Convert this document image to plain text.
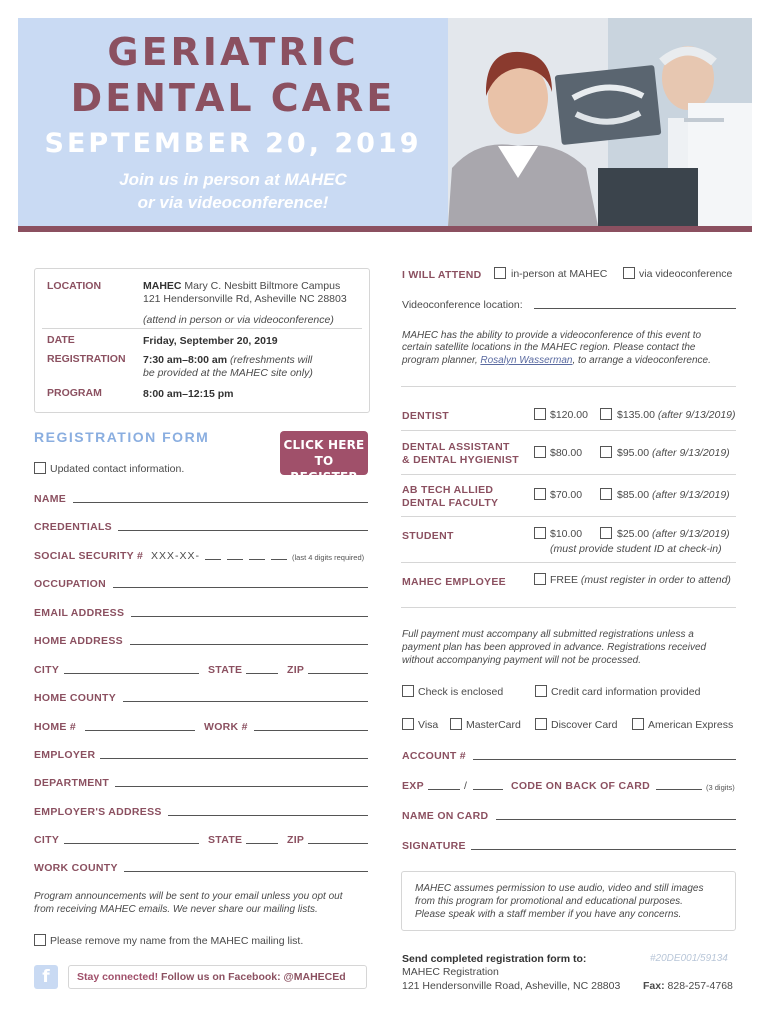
GERIATRIC
DENTAL CARE
SEPTEMBER 20, 2019
Join us in person at MAHEC
or via videoconference!
LOCATION	MAHEC Mary C. Nesbitt Biltmore Campus
121 Hendersonville Rd, Asheville NC 28803
(attend in person or via videoconference)
DATE	Friday, September 20, 2019
REGISTRATION 7:30 am–8:00 am (refreshments will
be provided at the MAHEC site only)
PROGRAM	8:00 am–12:15 pm
REGISTRATION FORM	CLICK HERE
TO REGISTER
Updated contact information.
NAME
CREDENTIALS
SOCIAL SECURITY # XXX-XX-	(last 4 digits required)
OCCUPATION
EMAIL ADDRESS
HOME ADDRESS
CITY	STATE	ZIP
HOME COUNTY
HOME #	WORK #
EMPLOYER
DEPARTMENT
EMPLOYER'S ADDRESS
CITY	STATE	ZIP
WORK COUNTY
Program announcements will be sent to your email unless you opt out
from receiving MAHEC emails. We never share our mailing lists.
Please remove my name from the MAHEC mailing list.
f	Stay connected! Follow us on Facebook: @MAHECEd
I WILL ATTEND	in-person at MAHEC	via videoconference
Videoconference location:
MAHEC has the ability to provide a videoconference of this event to
certain satellite locations in the MAHEC region. Please contact the
program planner, Rosalyn Wasserman, to arrange a videoconference.
DENTIST	$120.00	$135.00 (after 9/13/2019)
DENTAL ASSISTANT
& DENTAL HYGIENIST
$80.00	$95.00 (after 9/13/2019)
AB TECH ALLIED
DENTAL FACULTY
$70.00	$85.00 (after 9/13/2019)
STUDENT	$10.00	$25.00 (after 9/13/2019)
(must provide student ID at check-in)
MAHEC EMPLOYEE	FREE (must register in order to attend)
Full payment must accompany all submitted registrations unless a
payment plan has been approved in advance. Registrations received
without accompanying payment will not be processed.
Check is enclosed	Credit card information provided
Visa	MasterCard	Discover Card	American Express
ACCOUNT #
EXP	/	CODE ON BACK OF CARD	(3 digits)
NAME ON CARD
SIGNATURE
MAHEC assumes permission to use audio, video and still images
from this program for promotional and educational purposes.
Please speak with a staff member if you have any concerns.
Send completed registration form to:	#20DE001/59134
MAHEC Registration
121 Hendersonville Road, Asheville, NC 28803 Fax: 828-257-4768
